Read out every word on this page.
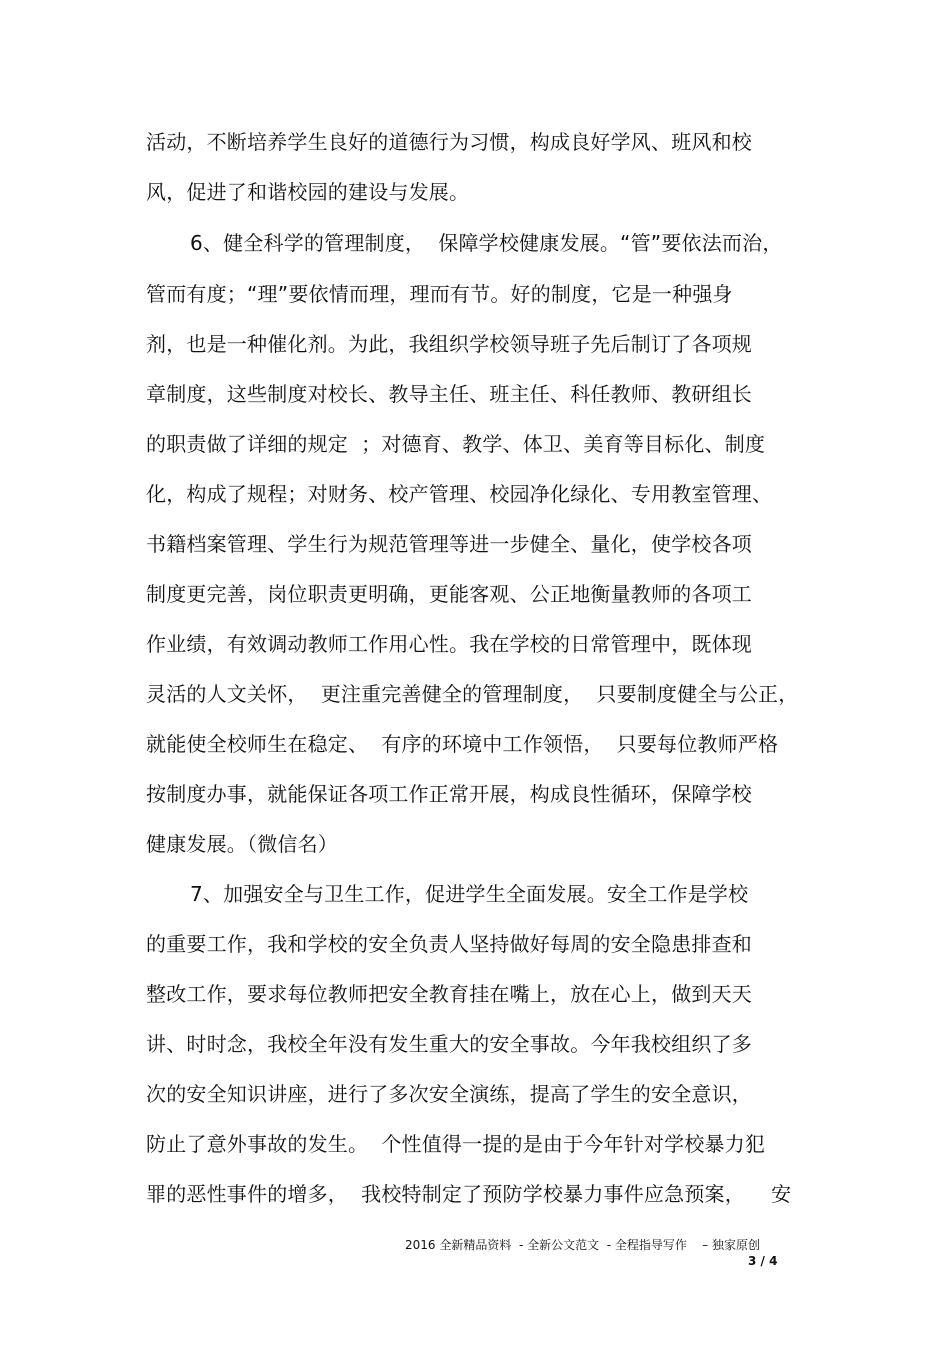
活动，不断培养学生良好的道德行为习惯，构成良好学风、班风和校
风，促进了和谐校园的建设与发展。
6、健全科学的管理制度，  保障学校健康发展。“管”要依法而治，
管而有度；“理”要依情而理，理而有节。好的制度，它是一种强身
剂，也是一种催化剂。为此，我组织学校领导班子先后制订了各项规
章制度，这些制度对校长、教导主任、班主任、科任教师、教研组长
的职责做了详细的规定  ；对德育、教学、体卫、美育等目标化、制度
化，构成了规程；对财务、校产管理、校园净化绿化、专用教室管理、
书籍档案管理、学生行为规范管理等进一步健全、量化，使学校各项
制度更完善，岗位职责更明确，更能客观、公正地衡量教师的各项工
作业绩，有效调动教师工作用心性。我在学校的日常管理中，既体现
灵活的人文关怀，  更注重完善健全的管理制度，  只要制度健全与公正，
就能使全校师生在稳定、  有序的环境中工作领悟，  只要每位教师严格
按制度办事，就能保证各项工作正常开展，构成良性循环，保障学校
健康发展。（微信名）
7、加强安全与卫生工作，促进学生全面发展。安全工作是学校
的重要工作，我和学校的安全负责人坚持做好每周的安全隐患排查和
整改工作，要求每位教师把安全教育挂在嘴上，放在心上，做到天天
讲、时时念，我校全年没有发生重大的安全事故。今年我校组织了多
次的安全知识讲座，进行了多次安全演练，提高了学生的安全意识，
防止了意外事故的发生。  个性值得一提的是由于今年针对学校暴力犯
罪的恶性事件的增多，  我校特制定了预防学校暴力事件应急预案，    安
2016 全新精品资料  - 全新公文范文  - 全程指导写作    – 独家原创
3 / 4
